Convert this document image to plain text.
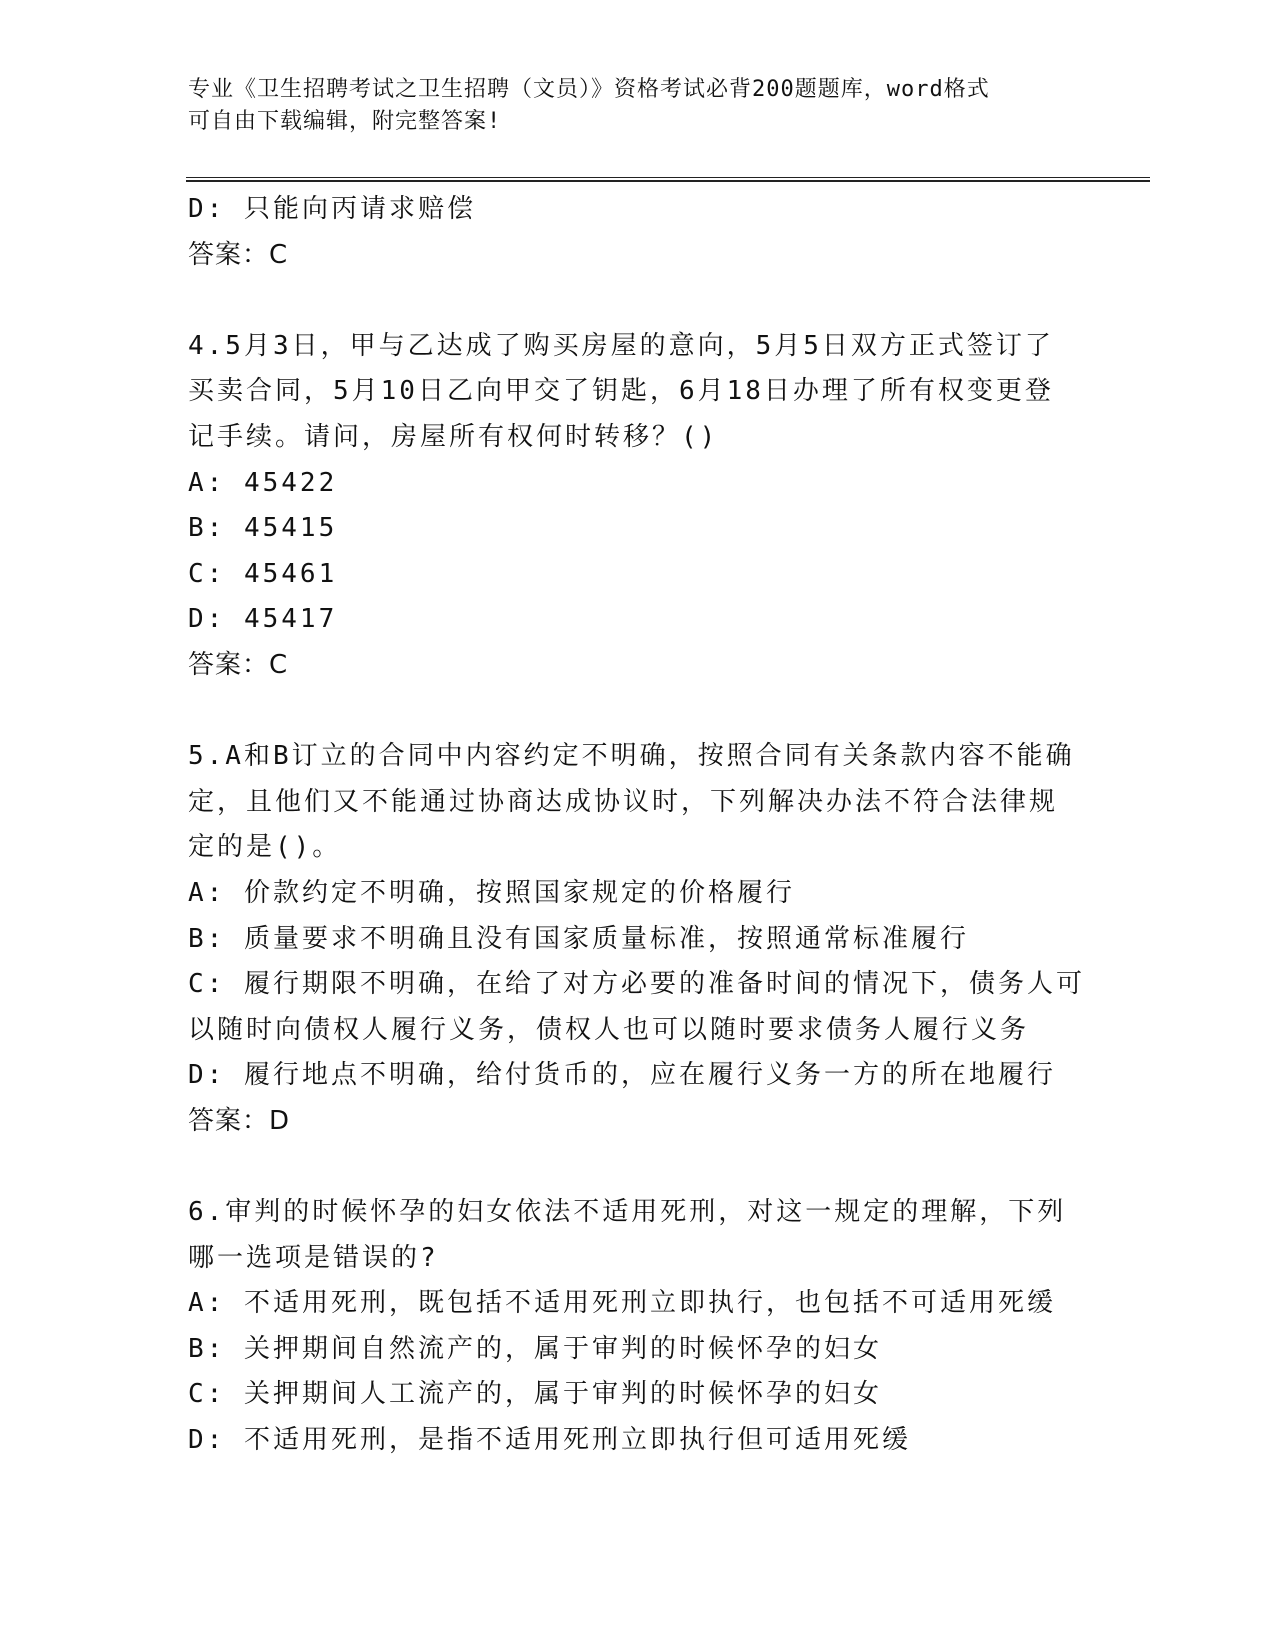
专业《卫生招聘考试之卫生招聘（文员）》资格考试必背200题题库，word格式
可自由下载编辑，附完整答案!
D: 只能向丙请求赔偿
答案：C
4.5月3日，甲与乙达成了购买房屋的意向，5月5日双方正式签订了
买卖合同，5月10日乙向甲交了钥匙，6月18日办理了所有权变更登
记手续。请问，房屋所有权何时转移？()
A: 45422
B: 45415
C: 45461
D: 45417
答案：C
5.A和B订立的合同中内容约定不明确，按照合同有关条款内容不能确
定，且他们又不能通过协商达成协议时，下列解决办法不符合法律规
定的是()。
A: 价款约定不明确，按照国家规定的价格履行
B: 质量要求不明确且没有国家质量标准，按照通常标准履行
C: 履行期限不明确，在给了对方必要的准备时间的情况下，债务人可
以随时向债权人履行义务，债权人也可以随时要求债务人履行义务
D: 履行地点不明确，给付货币的，应在履行义务一方的所在地履行
答案：D
6.审判的时候怀孕的妇女依法不适用死刑，对这一规定的理解，下列
哪一选项是错误的?
A: 不适用死刑，既包括不适用死刑立即执行，也包括不可适用死缓
B: 关押期间自然流产的，属于审判的时候怀孕的妇女
C: 关押期间人工流产的，属于审判的时候怀孕的妇女
D: 不适用死刑，是指不适用死刑立即执行但可适用死缓
